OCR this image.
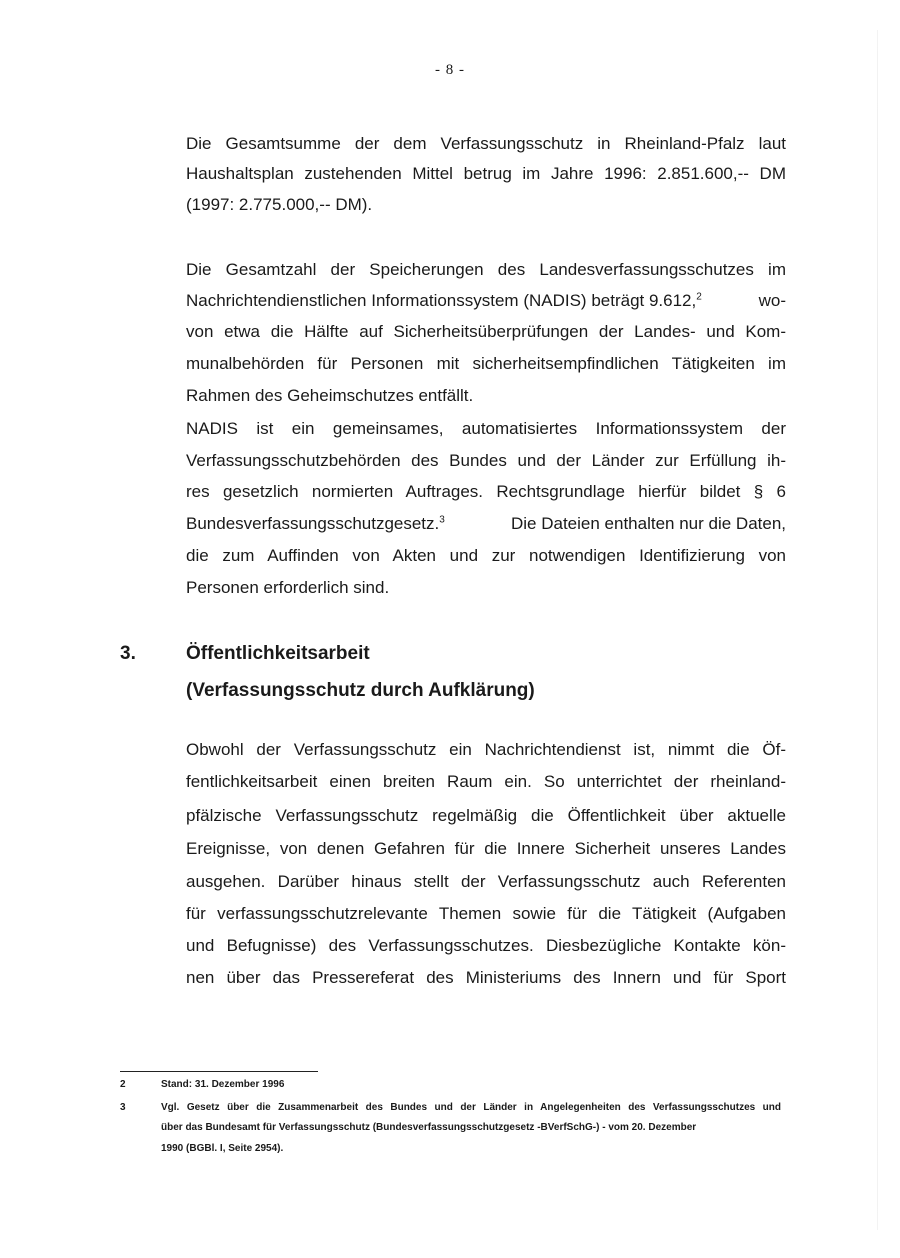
- 8 -
Die Gesamtsumme der dem Verfassungsschutz in Rheinland-Pfalz laut
Haushaltsplan zustehenden Mittel betrug im Jahre 1996: 2.851.600,-- DM
(1997: 2.775.000,-- DM).
Die Gesamtzahl der Speicherungen des Landesverfassungsschutzes im
Nachrichtendienstlichen Informationssystem (NADIS) beträgt 9.612,$^2$	wo-
von etwa die Hälfte auf Sicherheitsüberprüfungen der Landes- und Kom-
munalbehörden für Personen mit sicherheitsempfindlichen Tätigkeiten im
Rahmen des Geheimschutzes entfällt.
NADIS ist ein gemeinsames, automatisiertes Informationssystem der
Verfassungsschutzbehörden des Bundes und der Länder zur Erfüllung ih-
res gesetzlich normierten Auftrages. Rechtsgrundlage hierfür bildet § 6
Bundesverfassungsschutzgesetz.$^3$	Die Dateien enthalten nur die Daten,
die zum Auffinden von Akten und zur notwendigen Identifizierung von
Personen erforderlich sind.
3.	Öffentlichkeitsarbeit
(Verfassungsschutz durch Aufklärung)
Obwohl der Verfassungsschutz ein Nachrichtendienst ist, nimmt die Öf-
fentlichkeitsarbeit einen breiten Raum ein. So unterrichtet der rheinland-
pfälzische Verfassungsschutz regelmäßig die Öffentlichkeit über aktuelle
Ereignisse, von denen Gefahren für die Innere Sicherheit unseres Landes
ausgehen. Darüber hinaus stellt der Verfassungsschutz auch Referenten
für verfassungsschutzrelevante Themen sowie für die Tätigkeit (Aufgaben
und Befugnisse) des Verfassungsschutzes. Diesbezügliche Kontakte kön-
nen über das Pressereferat des Ministeriums des Innern und für Sport
2	Stand: 31. Dezember 1996
3	Vgl. Gesetz über die Zusammenarbeit des Bundes und der Länder in Angelegenheiten des Verfassungsschutzes und
über das Bundesamt für Verfassungsschutz (Bundesverfassungsschutzgesetz -BVerfSchG-) - vom 20. Dezember
1990 (BGBl. I, Seite 2954).
